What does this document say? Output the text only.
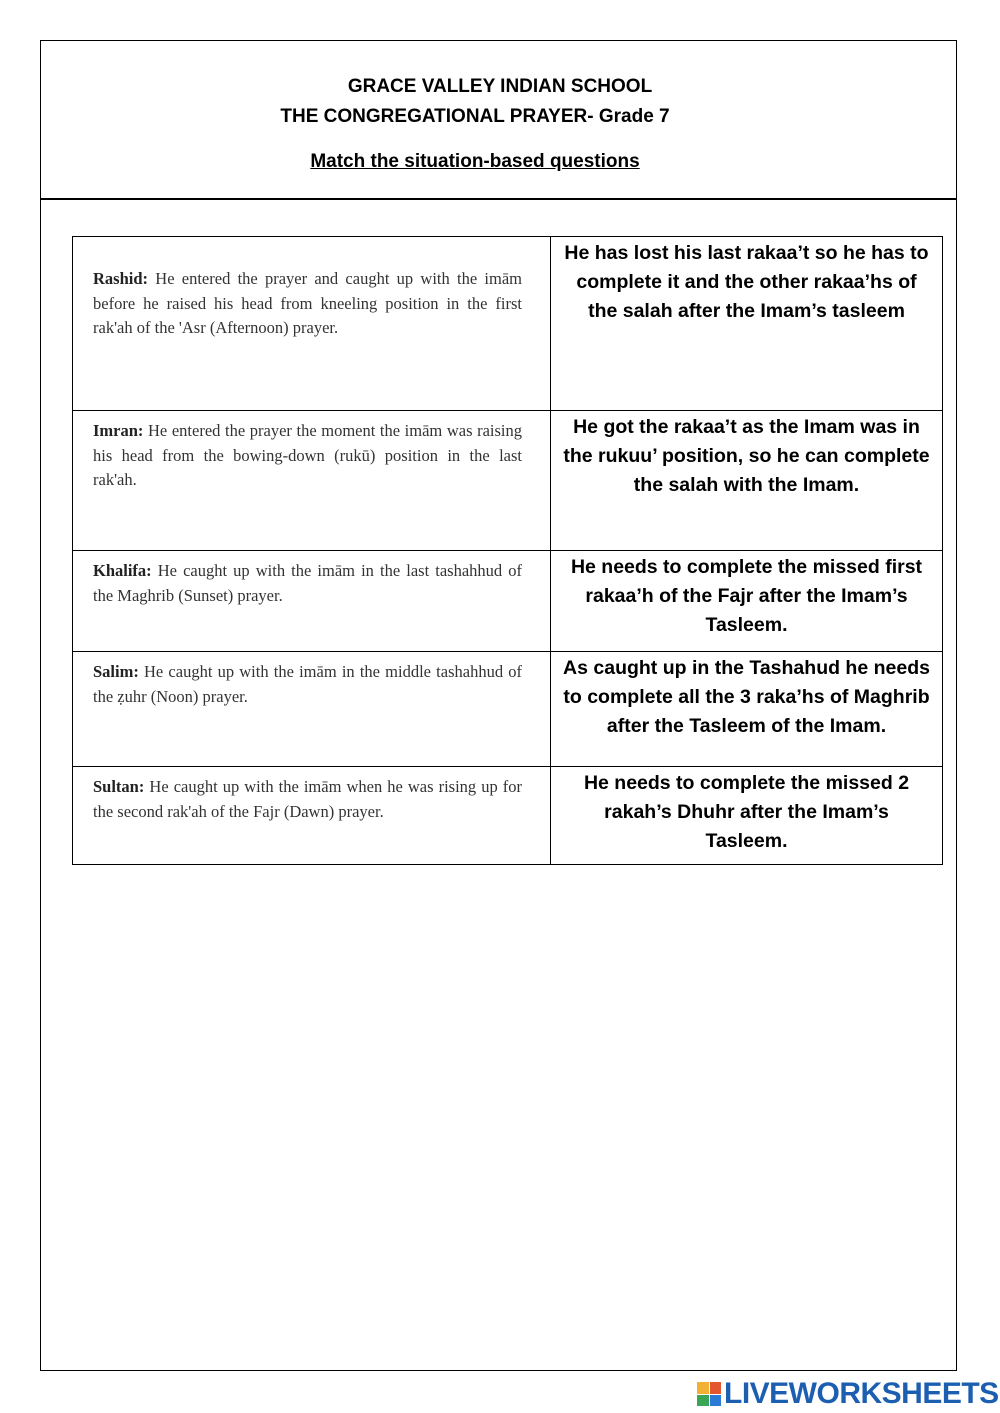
GRACE VALLEY INDIAN SCHOOL
THE CONGREGATIONAL PRAYER- Grade 7
Match the situation-based questions
Rashid: He entered the prayer and caught up with the imām before he raised his head from kneeling position in the first rak'ah of the 'Asr (Afternoon) prayer.	He has lost his last rakaa’t so he has to complete it and the other rakaa’hs of the salah after the Imam’s tasleem

Imran: He entered the prayer the moment the imām was raising his head from the bowing-down (rukū) position in the last rak'ah.	He got the rakaa’t as the Imam was in the rukuu’ position, so he can complete the salah with the Imam.

Khalifa: He caught up with the imām in the last tashahhud of the Maghrib (Sunset) prayer.	He needs to complete the missed first rakaa’h of the Fajr after the Imam’s Tasleem.

Salim: He caught up with the imām in the middle tashahhud of the ẓuhr (Noon) prayer.	As caught up in the Tashahud he needs to complete all the 3 raka’hs of Maghrib after the Tasleem of the Imam.

Sultan: He caught up with the imām when he was rising up for the second rak'ah of the Fajr (Dawn) prayer.	He needs to complete the missed 2 rakah’s Dhuhr after the Imam’s Tasleem.
LIVEWORKSHEETS
